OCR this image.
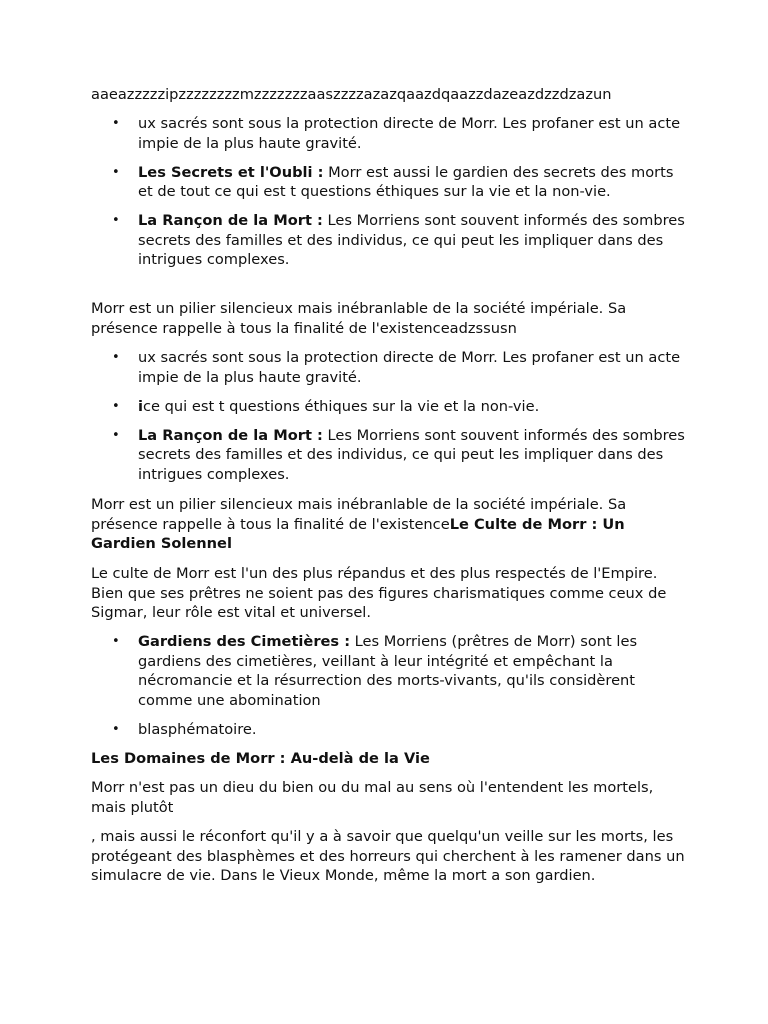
aaeazzzzzipzzzzzzzzmzzzzzzzaaszzzzazazqaazdqaazzdazeazdzzdzazun

• ux sacrés sont sous la protection directe de Morr. Les profaner est un acte impie de la plus haute gravité.
• Les Secrets et l'Oubli : Morr est aussi le gardien des secrets des morts et de tout ce qui est t questions éthiques sur la vie et la non-vie.
• La Rançon de la Mort : Les Morriens sont souvent informés des sombres secrets des familles et des individus, ce qui peut les impliquer dans des intrigues complexes.

Morr est un pilier silencieux mais inébranlable de la société impériale. Sa présence rappelle à tous la finalité de l'existenceadzssusn

• ux sacrés sont sous la protection directe de Morr. Les profaner est un acte impie de la plus haute gravité.
• ice qui est t questions éthiques sur la vie et la non-vie.
• La Rançon de la Mort : Les Morriens sont souvent informés des sombres secrets des familles et des individus, ce qui peut les impliquer dans des intrigues complexes.

Morr est un pilier silencieux mais inébranlable de la société impériale. Sa présence rappelle à tous la finalité de l'existenceLe Culte de Morr : Un Gardien Solennel

Le culte de Morr est l'un des plus répandus et des plus respectés de l'Empire. Bien que ses prêtres ne soient pas des figures charismatiques comme ceux de Sigmar, leur rôle est vital et universel.

• Gardiens des Cimetières : Les Morriens (prêtres de Morr) sont les gardiens des cimetières, veillant à leur intégrité et empêchant la nécromancie et la résurrection des morts-vivants, qu'ils considèrent comme une abomination
• blasphématoire.

Les Domaines de Morr : Au-delà de la Vie

Morr n'est pas un dieu du bien ou du mal au sens où l'entendent les mortels, mais plutôt

, mais aussi le réconfort qu'il y a à savoir que quelqu'un veille sur les morts, les protégeant des blasphèmes et des horreurs qui cherchent à les ramener dans un simulacre de vie. Dans le Vieux Monde, même la mort a son gardien.
